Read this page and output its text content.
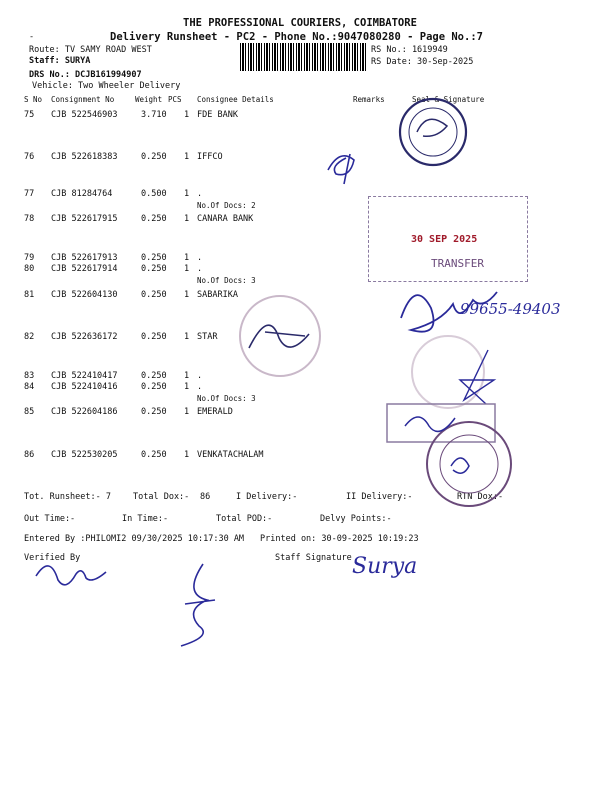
THE PROFESSIONAL COURIERS, COIMBATORE
-	Delivery Runsheet - PC2 - Phone No.:9047080280 - Page No.:7
Route: TV SAMY ROAD WEST
Staff: SURYA
DRS No.: DCJB161994907
Vehicle: Two Wheeler Delivery
RS No.: 1619949
RS Date: 30-Sep-2025
S No Consignment No	Weight PCS Consignee Details	Remarks	Seal & Signature
75 CJB 522546903	3.710 1 FDE BANK
76 CJB 522618383	0.250 1 IFFCO
77 CJB 81284764	0.500 1 .
No.Of Docs: 2
78 CJB 522617915	0.250 1 CANARA BANK
79 CJB 522617913	0.250 1 .
80 CJB 522617914	0.250 1 .
No.Of Docs: 3
81 CJB 522604130	0.250 1 SABARIKA
82 CJB 522636172	0.250 1 STAR
83 CJB 522410417	0.250 1 .
84 CJB 522410416	0.250 1 .
No.Of Docs: 3
85 CJB 522604186	0.250 1 EMERALD
86 CJB 522530205	0.250 1 VENKATACHALAM
Tot. Runsheet:- 7	Total Dox:- 86	I Delivery:-	II Delivery:-	RTN Dox:-
Out Time:-	In Time:-	Total POD:-	Delvy Points:-
Entered By :PHILOMI2 09/30/2025 10:17:30 AM Printed on: 30-09-2025 10:19:23
Verified By	Staff Signature
30 SEP 2025
TRANSFER
99655-49403
Surya
